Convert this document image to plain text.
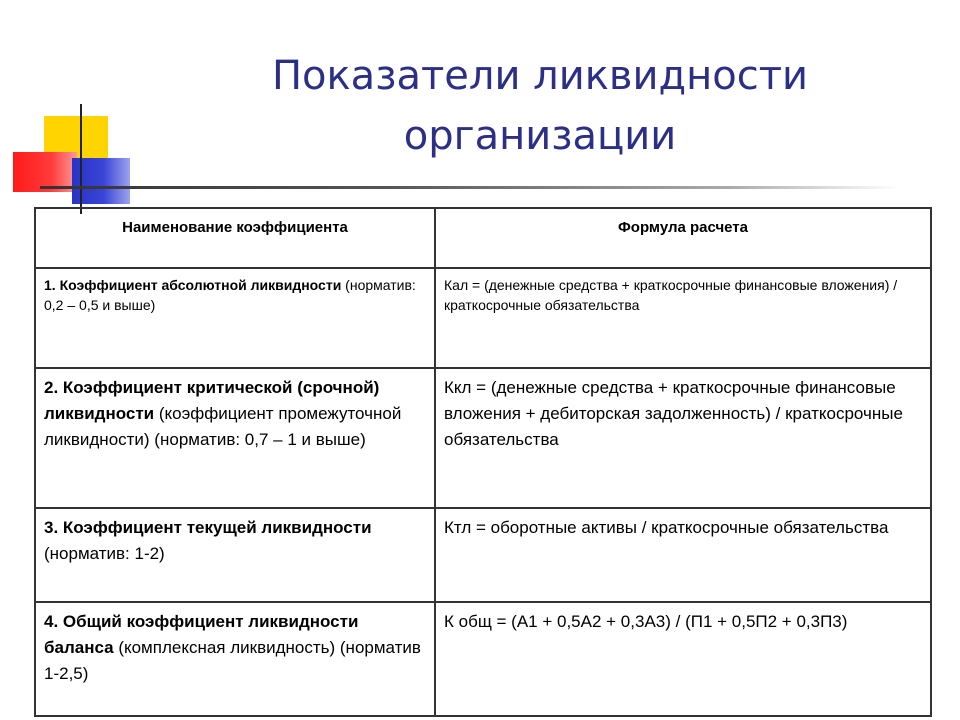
Показатели ликвидности
организации
Наименование коэффициента	Формула расчета
1. Коэффициент абсолютной ликвидности (норматив: 0,2 – 0,5 и выше)	Кал = (денежные средства + краткосрочные финансовые вложения) / краткосрочные обязательства
2. Коэффициент критической (срочной) ликвидности (коэффициент промежуточной ликвидности) (норматив: 0,7 – 1 и выше)	Ккл = (денежные средства + краткосрочные финансовые вложения + дебиторская задолженность) / краткосрочные обязательства
3. Коэффициент текущей ликвидности (норматив: 1-2)	Ктл = оборотные активы / краткосрочные обязательства
4. Общий коэффициент ликвидности баланса (комплексная ликвидность) (норматив 1-2,5)	К общ = (А1 + 0,5А2 + 0,3А3) / (П1 + 0,5П2 + 0,3П3)
